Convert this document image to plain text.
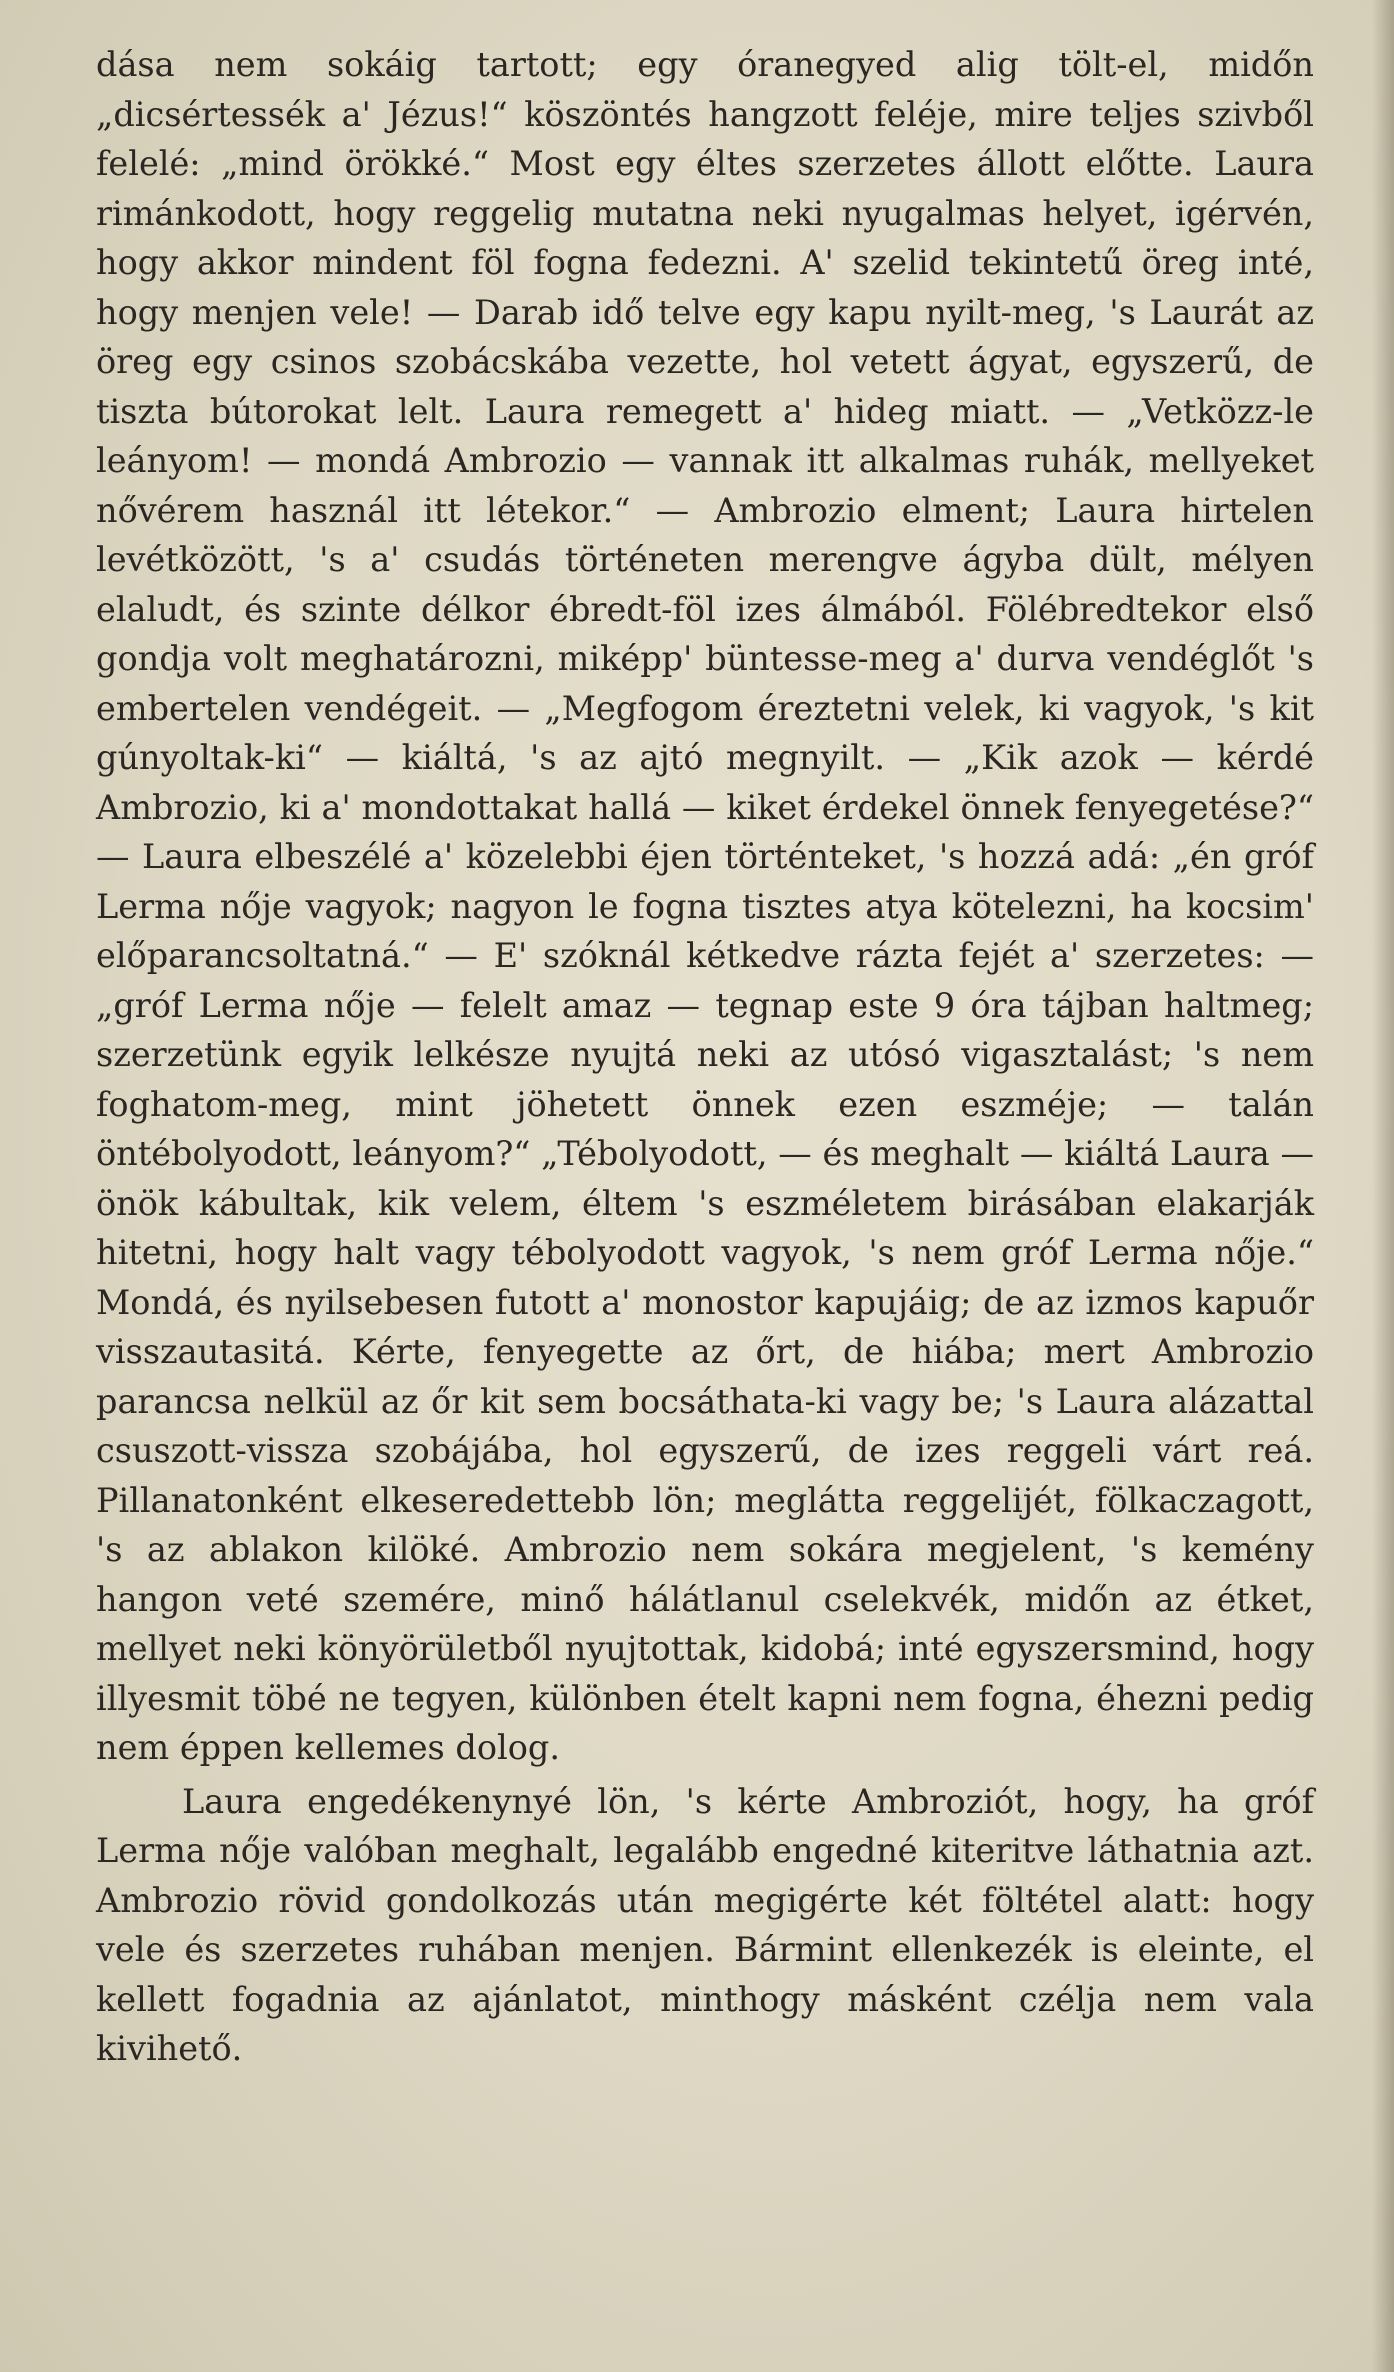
dása nem sokáig tartott; egy óranegyed alig tölt-el, midőn „dicsértessék a' Jézus!“ köszöntés hangzott feléje, mire teljes szivből felelé: „mind örökké.“ Most egy éltes szerzetes állott előtte. Laura rimánkodott, hogy reggelig mutatna neki nyugalmas helyet, igérvén, hogy akkor mindent föl fogna fedezni. A' szelid tekintetű öreg inté, hogy menjen vele! — Darab idő telve egy kapu nyilt-meg, 's Laurát az öreg egy csinos szobácskába vezette, hol vetett ágyat, egyszerű, de tiszta bútorokat lelt. Laura remegett a' hideg miatt. — „Vetközz-le leányom! — mondá Ambrozio — vannak itt alkalmas ruhák, mellyeket nővérem használ itt létekor.“ — Ambrozio elment; Laura hirtelen levétközött, 's a' csudás történeten merengve ágyba dült, mélyen elaludt, és szinte délkor ébredt-föl izes álmából. Fölébredtekor első gondja volt meghatározni, miképp' büntesse-meg a' durva vendéglőt 's embertelen vendégeit. — „Megfogom éreztetni velek, ki vagyok, 's kit gúnyoltak-ki“ — kiáltá, 's az ajtó megnyilt. — „Kik azok — kérdé Ambrozio, ki a' mondottakat hallá — kiket érdekel önnek fenyegetése?“ — Laura elbeszélé a' közelebbi éjen történteket, 's hozzá adá: „én gróf Lerma nője vagyok; nagyon le fogna tisztes atya kötelezni, ha kocsim' előparancsoltatná.“ — E' szóknál kétkedve rázta fejét a' szerzetes: — „gróf Lerma nője — felelt amaz — tegnap este 9 óra tájban haltmeg; szerzetünk egyik lelkésze nyujtá neki az utósó vigasztalást; 's nem foghatom-meg, mint jöhetett önnek ezen eszméje; — talán öntébolyodott, leányom?“ „Tébolyodott, — és meghalt — kiáltá Laura — önök kábultak, kik velem, éltem 's eszméletem birásában elakarják hitetni, hogy halt vagy tébolyodott vagyok, 's nem gróf Lerma nője.“ Mondá, és nyilsebesen futott a' monostor kapujáig; de az izmos kapuőr visszautasitá. Kérte, fenyegette az őrt, de hiába; mert Ambrozio parancsa nelkül az őr kit sem bocsáthata-ki vagy be; 's Laura alázattal csuszott-vissza szobájába, hol egyszerű, de izes reggeli várt reá. Pillanatonként elkeseredettebb lön; meglátta reggelijét, fölkaczagott, 's az ablakon kilöké. Ambrozio nem sokára megjelent, 's kemény hangon veté szemére, minő hálátlanul cselekvék, midőn az étket, mellyet neki könyörületből nyujtottak, kidobá; inté egyszersmind, hogy illyesmit töbé ne tegyen, különben ételt kapni nem fogna, éhezni pedig nem éppen kellemes dolog.

Laura engedékenynyé lön, 's kérte Ambroziót, hogy, ha gróf Lerma nője valóban meghalt, legalább engedné kiteritve láthatnia azt. Ambrozio rövid gondolkozás után megigérte két föltétel alatt: hogy vele és szerzetes ruhában menjen. Bármint ellenkezék is eleinte, el kellett fogadnia az ajánlatot, minthogy másként czélja nem vala kivihető.
